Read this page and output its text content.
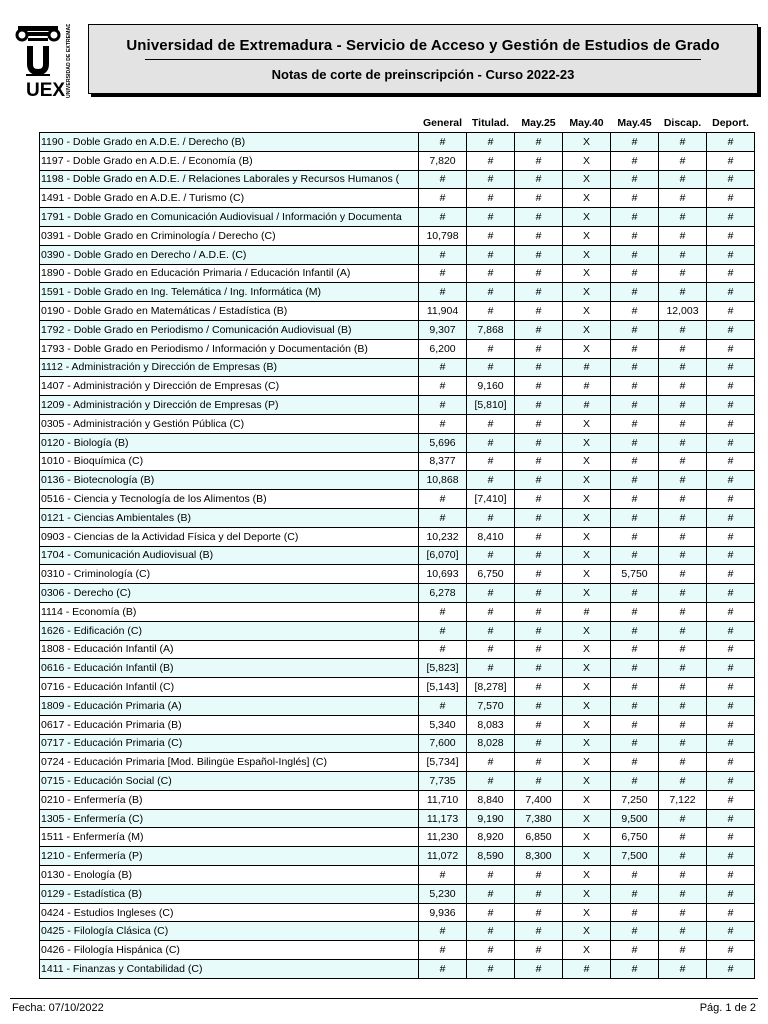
UEX UNIVERSIDAD DE EXTREMADURA	Universidad de Extremadura - Servicio de Acceso y Gestión de Estudios de Grado
Notas de corte de preinscripción - Curso 2022-23
	General	Titulad.	May.25	May.40	May.45	Discap.	Deport.
1190 - Doble Grado en A.D.E. / Derecho (B)	#	#	#	X	#	#	#
1197 - Doble Grado en A.D.E. / Economía (B)	7,820	#	#	X	#	#	#
1198 - Doble Grado en A.D.E. / Relaciones Laborales y Recursos Humanos (	#	#	#	X	#	#	#
1491 - Doble Grado en A.D.E. / Turismo (C)	#	#	#	X	#	#	#
1791 - Doble Grado en Comunicación Audiovisual / Información y Documenta	#	#	#	X	#	#	#
0391 - Doble Grado en Criminología / Derecho (C)	10,798	#	#	X	#	#	#
0390 - Doble Grado en Derecho / A.D.E. (C)	#	#	#	X	#	#	#
1890 - Doble Grado en Educación Primaria / Educación Infantil (A)	#	#	#	X	#	#	#
1591 - Doble Grado en Ing. Telemática / Ing. Informática (M)	#	#	#	X	#	#	#
0190 - Doble Grado en Matemáticas / Estadística (B)	11,904	#	#	X	#	12,003	#
1792 - Doble Grado en Periodismo / Comunicación Audiovisual (B)	9,307	7,868	#	X	#	#	#
1793 - Doble Grado en Periodismo / Información y Documentación (B)	6,200	#	#	X	#	#	#
1112 - Administración y Dirección de Empresas (B)	#	#	#	#	#	#	#
1407 - Administración y Dirección de Empresas (C)	#	9,160	#	#	#	#	#
1209 - Administración y Dirección de Empresas (P)	#	[5,810]	#	#	#	#	#
0305 - Administración y Gestión Pública (C)	#	#	#	X	#	#	#
0120 - Biología (B)	5,696	#	#	X	#	#	#
1010 - Bioquímica (C)	8,377	#	#	X	#	#	#
0136 - Biotecnología (B)	10,868	#	#	X	#	#	#
0516 - Ciencia y Tecnología de los Alimentos (B)	#	[7,410]	#	X	#	#	#
0121 - Ciencias Ambientales (B)	#	#	#	X	#	#	#
0903 - Ciencias de la Actividad Física y del Deporte (C)	10,232	8,410	#	X	#	#	#
1704 - Comunicación Audiovisual (B)	[6,070]	#	#	X	#	#	#
0310 - Criminología (C)	10,693	6,750	#	X	5,750	#	#
0306 - Derecho (C)	6,278	#	#	X	#	#	#
1114 - Economía (B)	#	#	#	#	#	#	#
1626 - Edificación (C)	#	#	#	X	#	#	#
1808 - Educación Infantil (A)	#	#	#	X	#	#	#
0616 - Educación Infantil (B)	[5,823]	#	#	X	#	#	#
0716 - Educación Infantil (C)	[5,143]	[8,278]	#	X	#	#	#
1809 - Educación Primaria (A)	#	7,570	#	X	#	#	#
0617 - Educación Primaria (B)	5,340	8,083	#	X	#	#	#
0717 - Educación Primaria (C)	7,600	8,028	#	X	#	#	#
0724 - Educación Primaria [Mod. Bilingüe Español-Inglés] (C)	[5,734]	#	#	X	#	#	#
0715 - Educación Social (C)	7,735	#	#	X	#	#	#
0210 - Enfermería (B)	11,710	8,840	7,400	X	7,250	7,122	#
1305 - Enfermería (C)	11,173	9,190	7,380	X	9,500	#	#
1511 - Enfermería (M)	11,230	8,920	6,850	X	6,750	#	#
1210 - Enfermería (P)	11,072	8,590	8,300	X	7,500	#	#
0130 - Enología (B)	#	#	#	X	#	#	#
0129 - Estadística (B)	5,230	#	#	X	#	#	#
0424 - Estudios Ingleses (C)	9,936	#	#	X	#	#	#
0425 - Filología Clásica (C)	#	#	#	X	#	#	#
0426 - Filología Hispánica (C)	#	#	#	X	#	#	#
1411 - Finanzas y Contabilidad (C)	#	#	#	#	#	#	#
Fecha: 07/10/2022	Pág. 1 de 2
